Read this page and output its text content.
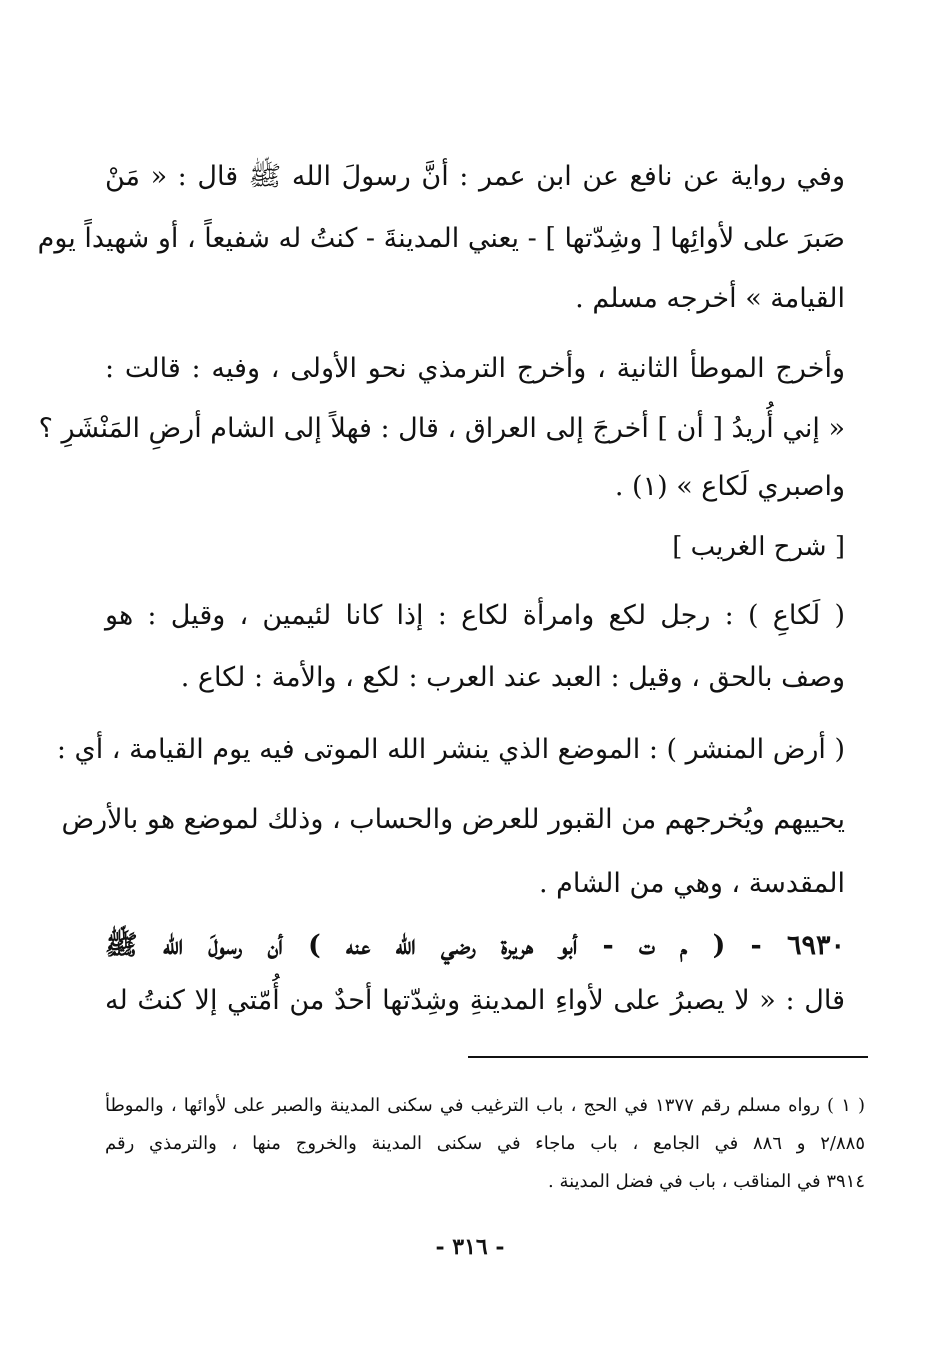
وفي رواية عن نافع عن ابن عمر : أنَّ رسولَ الله ﷺ قال : « مَنْ
صَبرَ على لأوائِها [ وشِدّتها ] - يعني المدينةَ - كنتُ له شفيعاً ، أو شهيداً يوم
القيامة » أخرجه مسلم .
وأخرج الموطأ الثانية ، وأخرج الترمذي نحو الأولى ، وفيه : قالت :
« إني أُريدُ [ أن ] أخرجَ إلى العراق ، قال : فهلاً إلى الشام أرضِ المَنْشَرِ ؟
واصبري لَكاع » (١) .
[ شرح الغريب ]
( لَكاعِ ) : رجل لكع وامرأة لكاع : إذا كانا لئيمين ، وقيل : هو
وصف بالحق ، وقيل : العبد عند العرب : لكع ، والأمة : لكاع .
( أرض المنشر ) : الموضع الذي ينشر الله الموتى فيه يوم القيامة ، أي :
يحييهم ويُخرجهم من القبور للعرض والحساب ، وذلك لموضع هو بالأرض
المقدسة ، وهي من الشام .
٦٩٣٠ - ( م ت - أبو هريرة رضي الله عنه ) أن رسولَ الله ﷺ
قال : « لا يصبرُ على لأواءِ المدينةِ وشِدّتها أحدٌ من أُمّتي إلا كنتُ له
( ١ ) رواه مسلم رقم ١٣٧٧ في الحج ، باب الترغيب في سكنى المدينة والصبر على لأوائها ، والموطأ
٢/٨٨٥ و ٨٨٦ في الجامع ، باب ماجاء في سكنى المدينة والخروج منها ، والترمذي رقم
٣٩١٤ في المناقب ، باب في فضل المدينة .
- ٣١٦ -
